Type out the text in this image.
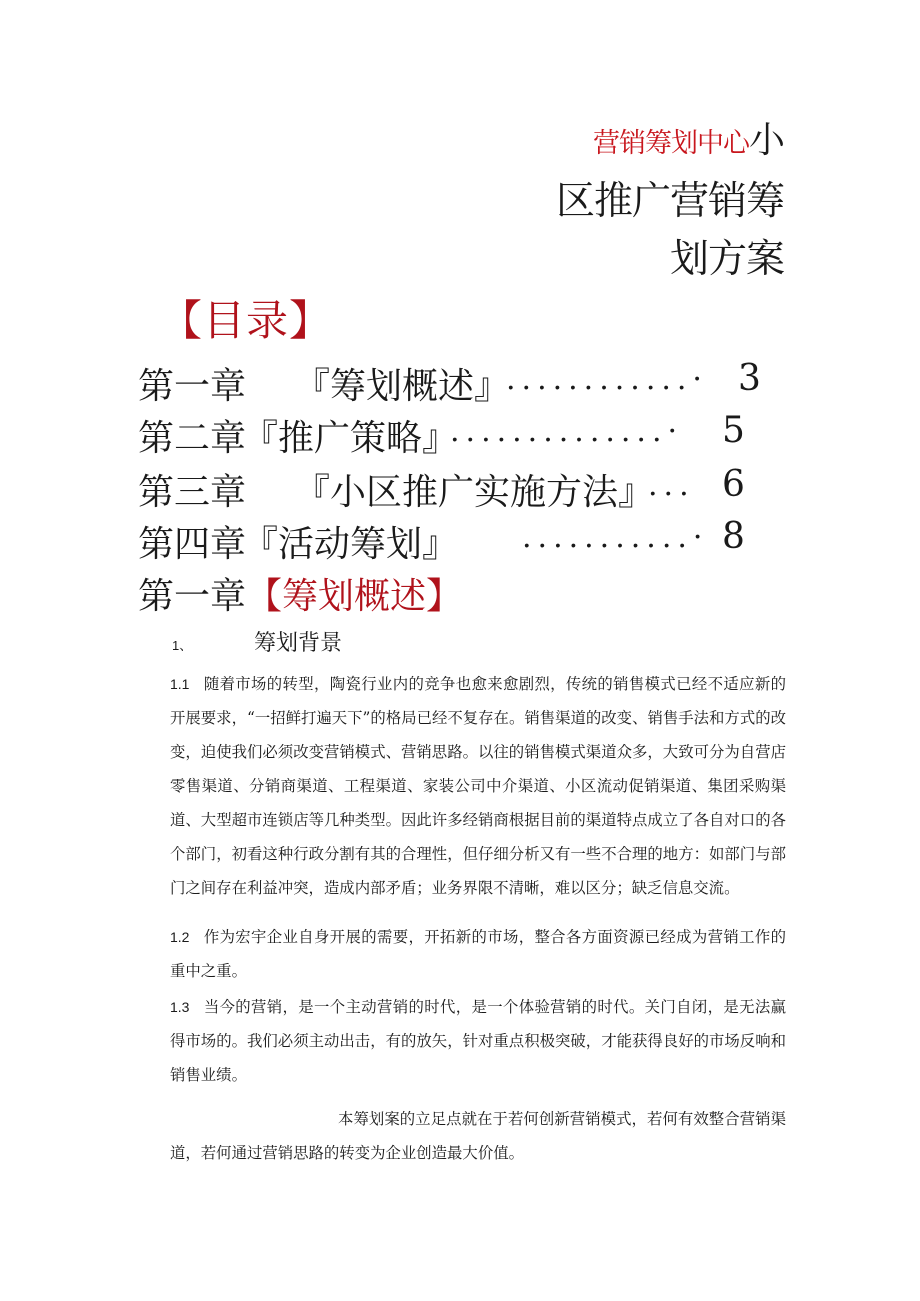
营销筹划中心小
区推广营销筹
划方案
【目录】
第一章 『筹划概述』
............· 3
第二章
『推广策略』
..............· 5
第三章 『小区推广实施方法』
... 6
第四章
『活动筹划』 ...........· 8
第一章【筹划概述】
1、	筹划背景
1.1 随着市场的转型，陶瓷行业内的竞争也愈来愈剧烈，传统的销售模式已经不适应新的开展要求，“一招鲜打遍天下”的格局已经不复存在。销售渠道的改变、销售手法和方式的改变，迫使我们必须改变营销模式、营销思路。以往的销售模式渠道众多，大致可分为自营店零售渠道、分销商渠道、工程渠道、家装公司中介渠道、小区流动促销渠道、集团采购渠道、大型超市连锁店等几种类型。因此许多经销商根据目前的渠道特点成立了各自对口的各个部门，初看这种行政分割有其的合理性，但仔细分析又有一些不合理的地方：如部门与部门之间存在利益冲突，造成内部矛盾；业务界限不清晰，难以区分；缺乏信息交流。
1.2 作为宏宇企业自身开展的需要，开拓新的市场，整合各方面资源已经成为营销工作的重中之重。
1.3 当今的营销，是一个主动营销的时代，是一个体验营销的时代。关门自闭，是无法赢得市场的。我们必须主动出击，有的放矢，针对重点积极突破，才能获得良好的市场反响和销售业绩。
本筹划案的立足点就在于若何创新营销模式，若何有效整合营销渠道，若何通过营销思路的转变为企业创造最大价值。
